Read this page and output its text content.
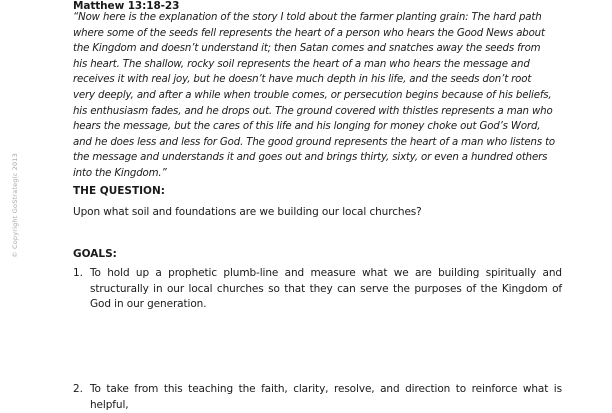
Matthew 13:18-23

“Now here is the explanation of the story I told about the farmer planting grain: The hard path where some of the seeds fell represents the heart of a person who hears the Good News about the Kingdom and doesn’t understand it; then Satan comes and snatches away the seeds from his heart. The shallow, rocky soil represents the heart of a man who hears the message and receives it with real joy, but he doesn’t have much depth in his life, and the seeds don’t root very deeply, and after a while when trouble comes, or persecution begins because of his beliefs, his enthusiasm fades, and he drops out. The ground covered with thistles represents a man who hears the message, but the cares of this life and his longing for money choke out God’s Word, and he does less and less for God. The good ground represents the heart of a man who listens to the message and understands it and goes out and brings thirty, sixty, or even a hundred others into the Kingdom.”

THE QUESTION:
Upon what soil and foundations are we building our local churches?
GOALS:
1. To hold up a prophetic plumb-line and measure what we are building spiritually and structurally in our local churches so that they can serve the purposes of the Kingdom of God in our generation.

2. To take from this teaching the faith, clarity, resolve, and direction to reinforce what is helpful,

© Copyright GoStrategic 2013
